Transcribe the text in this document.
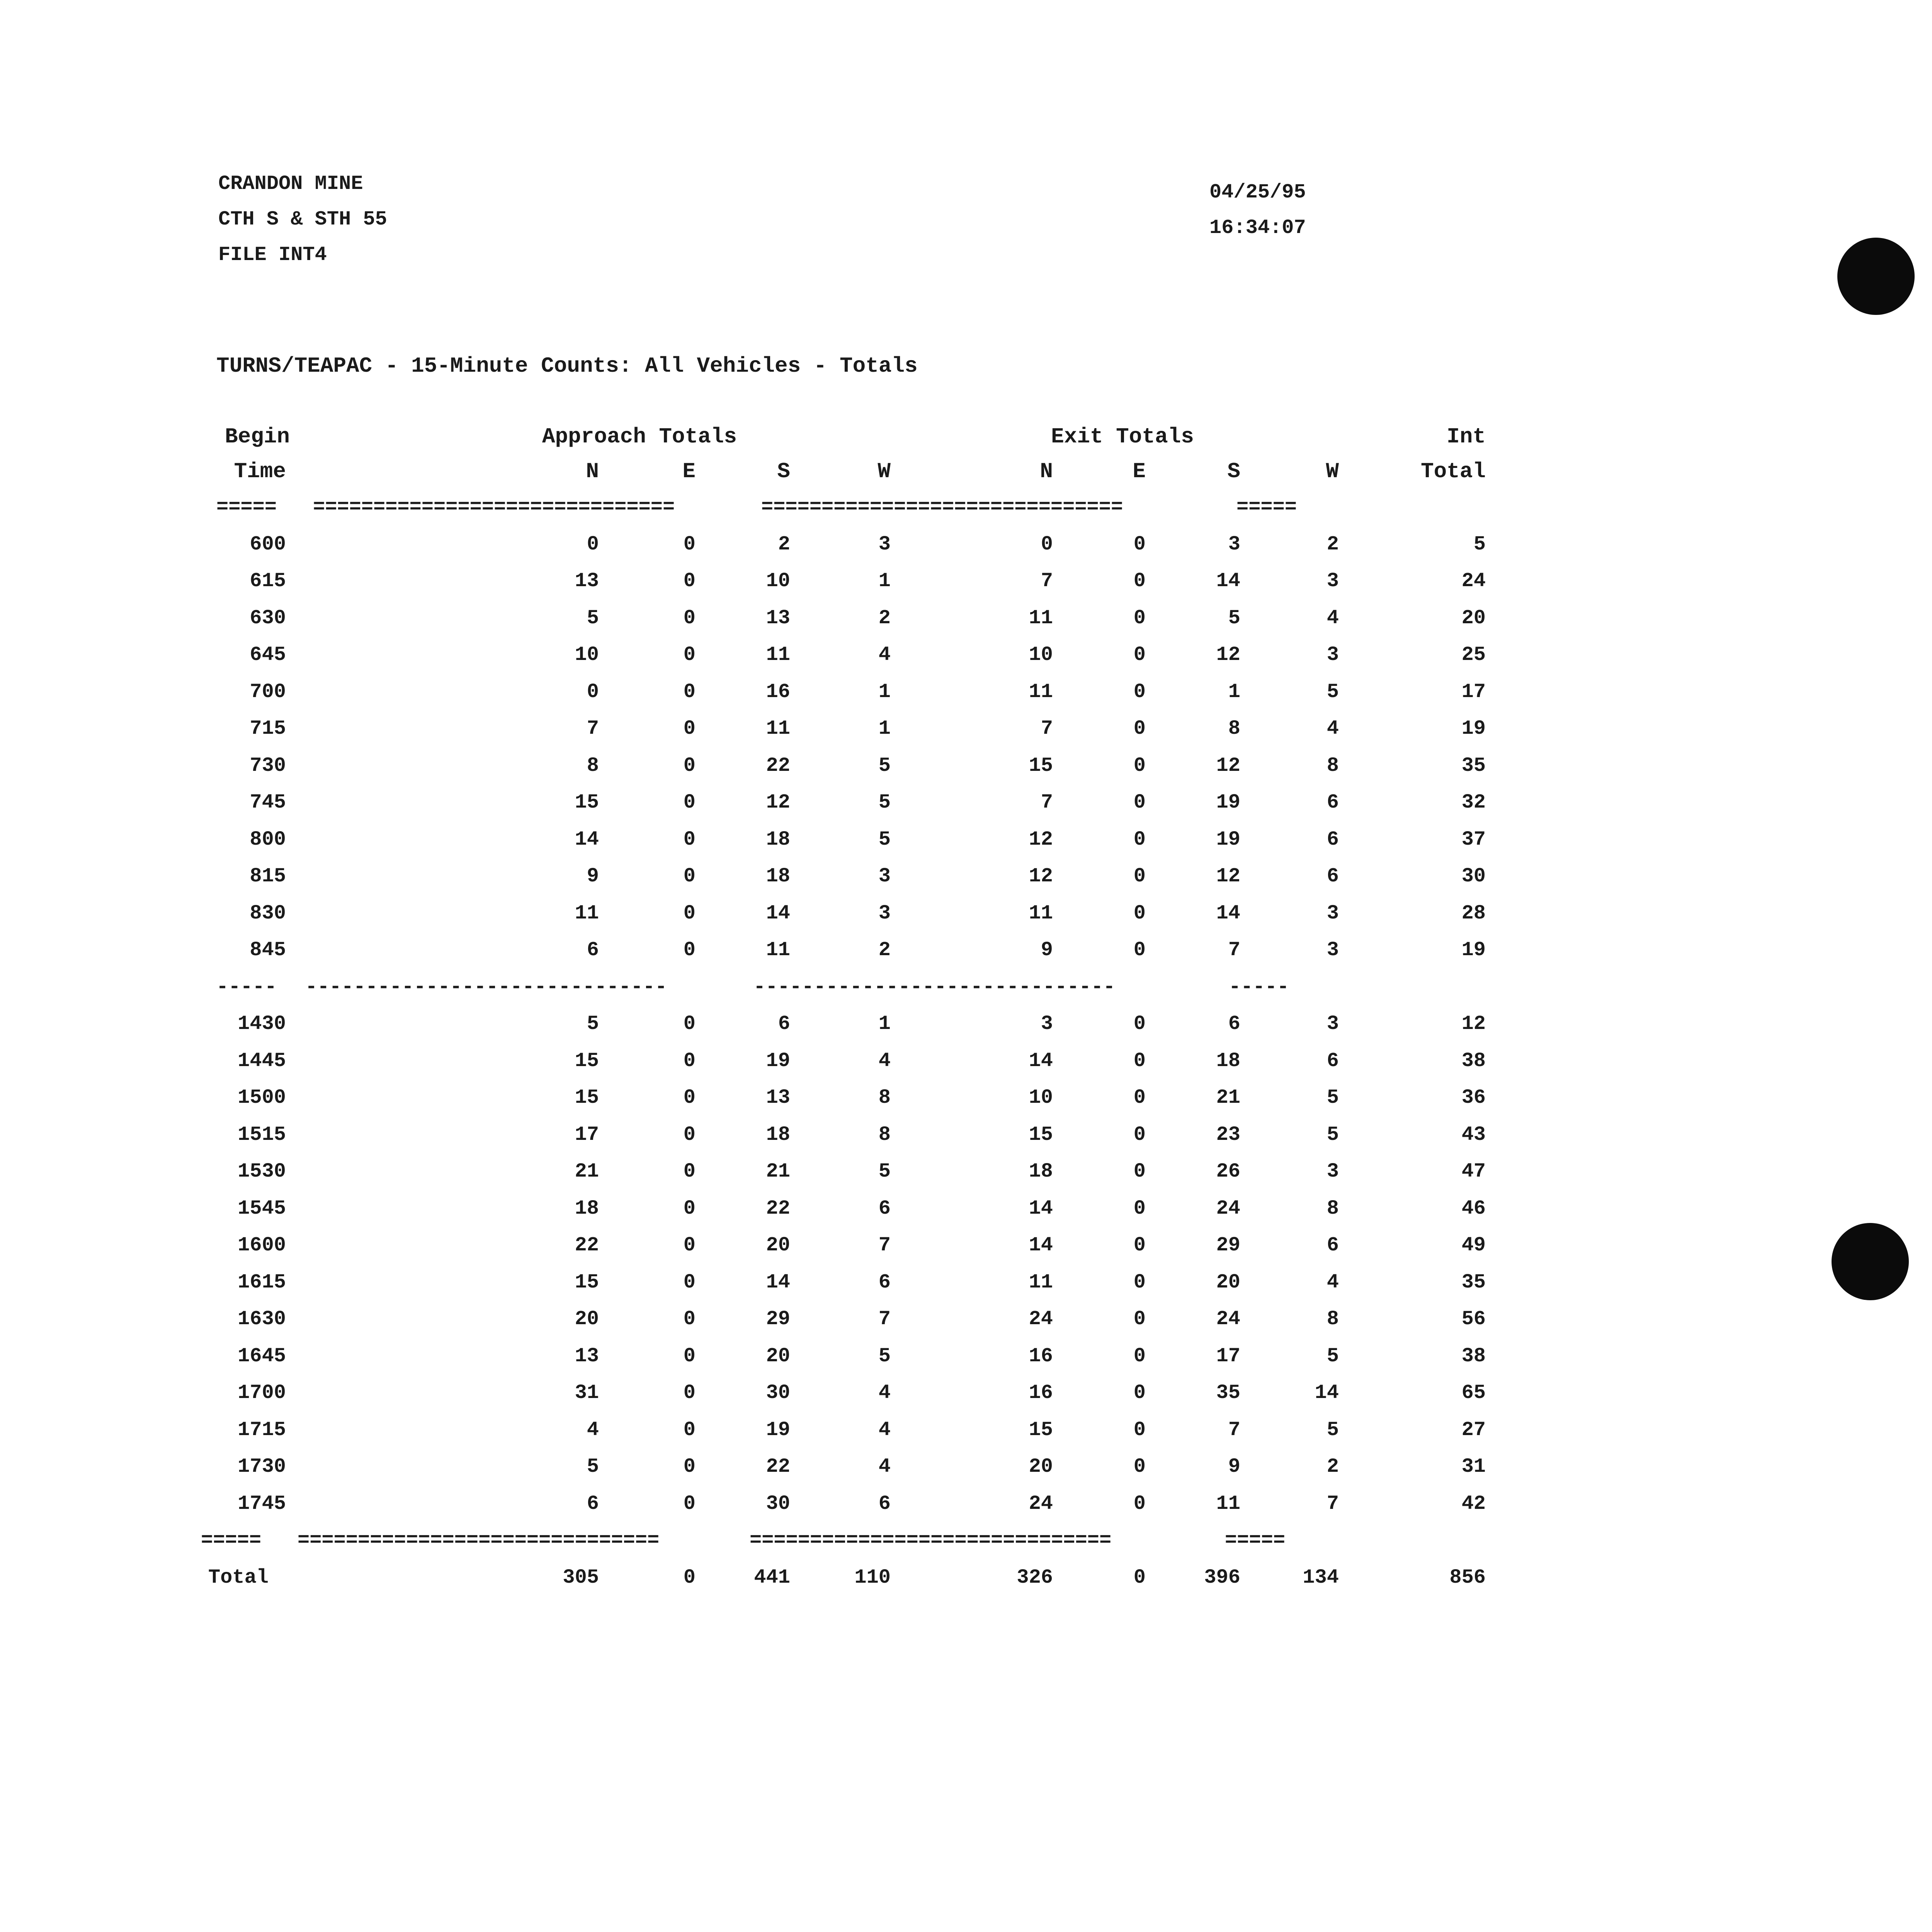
CRANDON MINE
CTH S & STH 55
FILE INT4
04/25/95
16:34:07
TURNS/TEAPAC - 15-Minute Counts: All Vehicles - Totals
Begin	Approach Totals	Exit Totals	Int
Time	N	E	S	W	N	E	S	W	Total
=====	==============================	==============================	=====
600	0	0	2	3	0	0	3	2	5
615	13	0	10	1	7	0	14	3	24
630	5	0	13	2	11	0	5	4	20
645	10	0	11	4	10	0	12	3	25
700	0	0	16	1	11	0	1	5	17
715	7	0	11	1	7	0	8	4	19
730	8	0	22	5	15	0	12	8	35
745	15	0	12	5	7	0	19	6	32
800	14	0	18	5	12	0	19	6	37
815	9	0	18	3	12	0	12	6	30
830	11	0	14	3	11	0	14	3	28
845	6	0	11	2	9	0	7	3	19
-----	------------------------------	------------------------------	-----
1430	5	0	6	1	3	0	6	3	12
1445	15	0	19	4	14	0	18	6	38
1500	15	0	13	8	10	0	21	5	36
1515	17	0	18	8	15	0	23	5	43
1530	21	0	21	5	18	0	26	3	47
1545	18	0	22	6	14	0	24	8	46
1600	22	0	20	7	14	0	29	6	49
1615	15	0	14	6	11	0	20	4	35
1630	20	0	29	7	24	0	24	8	56
1645	13	0	20	5	16	0	17	5	38
1700	31	0	30	4	16	0	35	14	65
1715	4	0	19	4	15	0	7	5	27
1730	5	0	22	4	20	0	9	2	31
1745	6	0	30	6	24	0	11	7	42
=====	==============================	==============================	=====
Total	305	0	441	110	326	0	396	134	856
